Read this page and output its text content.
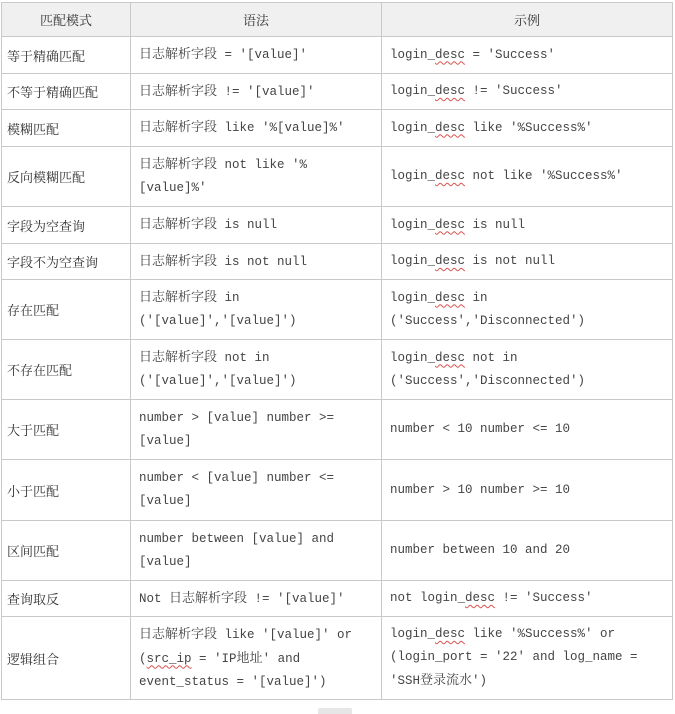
匹配模式	语法	示例
等于精确匹配	日志解析字段 = '[value]'	login_desc = 'Success'
不等于精确匹配	日志解析字段 != '[value]'	login_desc != 'Success'
模糊匹配	日志解析字段 like '%[value]%'	login_desc like '%Success%'
反向模糊匹配	日志解析字段 not like '%[value]%'	login_desc not like '%Success%'
字段为空查询	日志解析字段 is null	login_desc is null
字段不为空查询	日志解析字段 is not null	login_desc is not null
存在匹配	日志解析字段 in ('[value]','[value]')	login_desc in ('Success','Disconnected')
不存在匹配	日志解析字段 not in ('[value]','[value]')	login_desc not in ('Success','Disconnected')
大于匹配	number > [value] number >= [value]	number < 10 number <= 10
小于匹配	number < [value] number <= [value]	number > 10 number >= 10
区间匹配	number between [value] and [value]	number between 10 and 20
查询取反	Not 日志解析字段 != '[value]'	not login_desc != 'Success'
逻辑组合	日志解析字段 like '[value]' or (src_ip = 'IP地址' and event_status = '[value]')	login_desc like '%Success%' or (login_port = '22' and log_name = 'SSH登录流水')
